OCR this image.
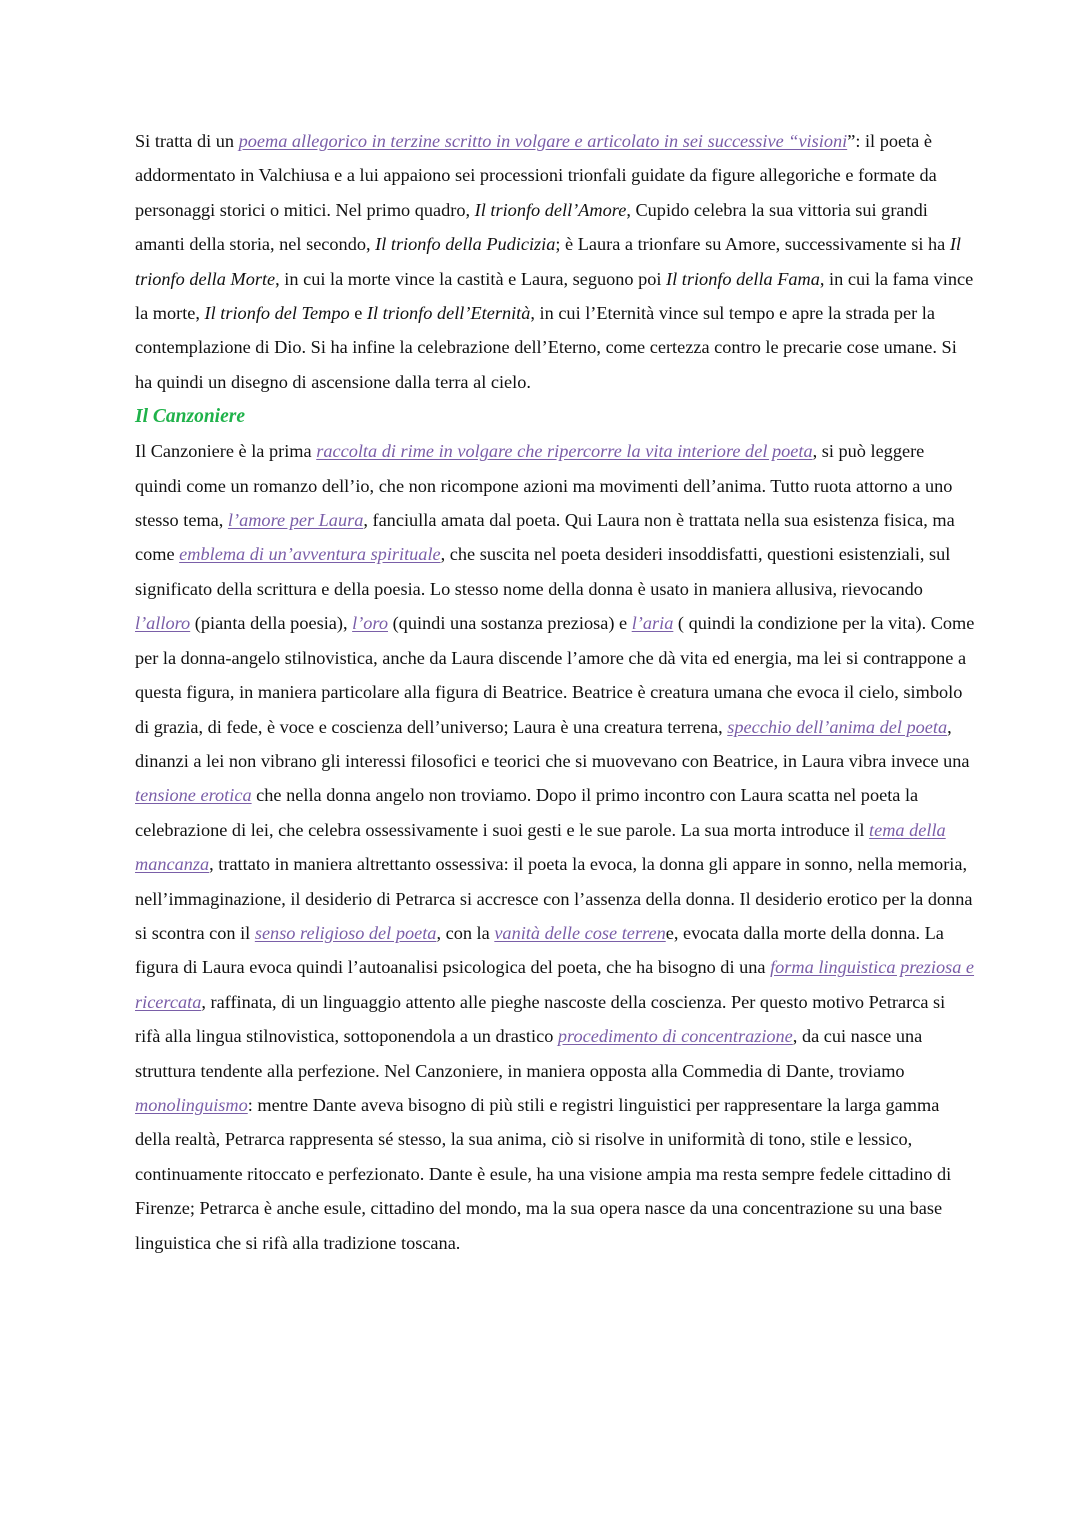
Si tratta di un poema allegorico in terzine scritto in volgare e articolato in sei successive “visioni”: il poeta è addormentato in Valchiusa e a lui appaiono sei processioni trionfali guidate da figure allegoriche e formate da personaggi storici o mitici. Nel primo quadro, Il trionfo dell’Amore, Cupido celebra la sua vittoria sui grandi amanti della storia, nel secondo, Il trionfo della Pudicizia; è Laura a trionfare su Amore, successivamente si ha Il trionfo della Morte, in cui la morte vince la castità e Laura, seguono poi Il trionfo della Fama, in cui la fama vince la morte, Il trionfo del Tempo e Il trionfo dell’Eternità, in cui l’Eternità vince sul tempo e apre la strada per la contemplazione di Dio. Si ha infine la celebrazione dell’Eterno, come certezza contro le precarie cose umane. Si ha quindi un disegno di ascensione dalla terra al cielo.

Il Canzoniere

Il Canzoniere è la prima raccolta di rime in volgare che ripercorre la vita interiore del poeta, si può leggere quindi come un romanzo dell’io, che non ricompone azioni ma movimenti dell’anima. Tutto ruota attorno a uno stesso tema, l’amore per Laura, fanciulla amata dal poeta. Qui Laura non è trattata nella sua esistenza fisica, ma come emblema di un’avventura spirituale, che suscita nel poeta desideri insoddisfatti, questioni esistenziali, sul significato della scrittura e della poesia. Lo stesso nome della donna è usato in maniera allusiva, rievocando l’alloro (pianta della poesia), l’oro (quindi una sostanza preziosa) e l’aria ( quindi la condizione per la vita). Come per la donna-angelo stilnovistica, anche da Laura discende l’amore che dà vita ed energia, ma lei si contrappone a questa figura, in maniera particolare alla figura di Beatrice. Beatrice è creatura umana che evoca il cielo, simbolo di grazia, di fede, è voce e coscienza dell’universo; Laura è una creatura terrena, specchio dell’anima del poeta, dinanzi a lei non vibrano gli interessi filosofici e teorici che si muovevano con Beatrice, in Laura vibra invece una tensione erotica che nella donna angelo non troviamo. Dopo il primo incontro con Laura scatta nel poeta la celebrazione di lei, che celebra ossessivamente i suoi gesti e le sue parole. La sua morta introduce il tema della mancanza, trattato in maniera altrettanto ossessiva: il poeta la evoca, la donna gli appare in sonno, nella memoria, nell’immaginazione, il desiderio di Petrarca si accresce con l’assenza della donna. Il desiderio erotico per la donna si scontra con il senso religioso del poeta, con la vanità delle cose terrene, evocata dalla morte della donna. La figura di Laura evoca quindi l’autoanalisi psicologica del poeta, che ha bisogno di una forma linguistica preziosa e ricercata, raffinata, di un linguaggio attento alle pieghe nascoste della coscienza. Per questo motivo Petrarca si rifà alla lingua stilnovistica, sottoponendola a un drastico procedimento di concentrazione, da cui nasce una struttura tendente alla perfezione. Nel Canzoniere, in maniera opposta alla Commedia di Dante, troviamo monolinguismo: mentre Dante aveva bisogno di più stili e registri linguistici per rappresentare la larga gamma della realtà, Petrarca rappresenta sé stesso, la sua anima, ciò si risolve in uniformità di tono, stile e lessico, continuamente ritoccato e perfezionato. Dante è esule, ha una visione ampia ma resta sempre fedele cittadino di Firenze; Petrarca è anche esule, cittadino del mondo, ma la sua opera nasce da una concentrazione su una base linguistica che si rifà alla tradizione toscana.
